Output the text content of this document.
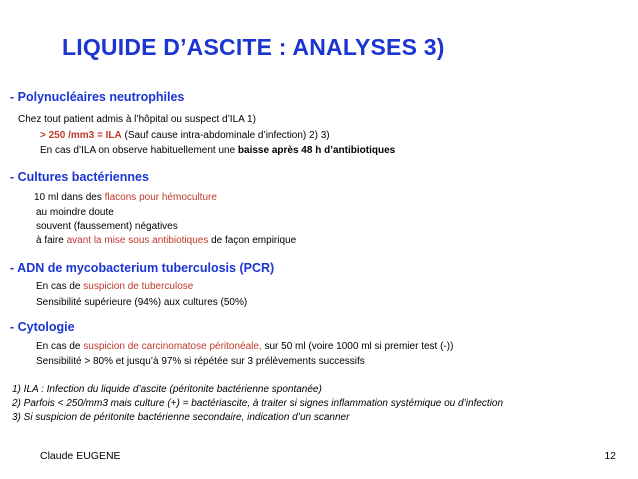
LIQUIDE D’ASCITE : ANALYSES 3)
- Polynucléaires neutrophiles
Chez tout patient admis à l’hôpital ou suspect d’ILA 1)
> 250 /mm3 = ILA (Sauf cause intra-abdominale d’infection) 2) 3)
En cas d’ILA on observe habituellement une baisse après 48 h d’antibiotiques
- Cultures bactériennes
10 ml dans des flacons pour hémoculture
au moindre doute
souvent (faussement) négatives
à faire avant la mise sous antibiotiques de façon empirique
- ADN de mycobacterium tuberculosis (PCR)
En cas de suspicion de tuberculose
Sensibilité supérieure (94%) aux cultures (50%)
- Cytologie
En cas de suspicion de carcinomatose péritonéale, sur 50 ml (voire 1000 ml si premier test (-))
Sensibilité > 80% et jusqu’à 97% si répétée sur 3 prélèvements successifs
1) ILA : Infection du liquide d’ascite (péritonite bactérienne spontanée)
2) Parfois < 250/mm3 mais culture (+) = bactériascite, à traiter si signes inflammation systémique ou d’infection
3) Si suspicion de péritonite bactérienne secondaire, indication d’un scanner
Claude EUGENE	12
